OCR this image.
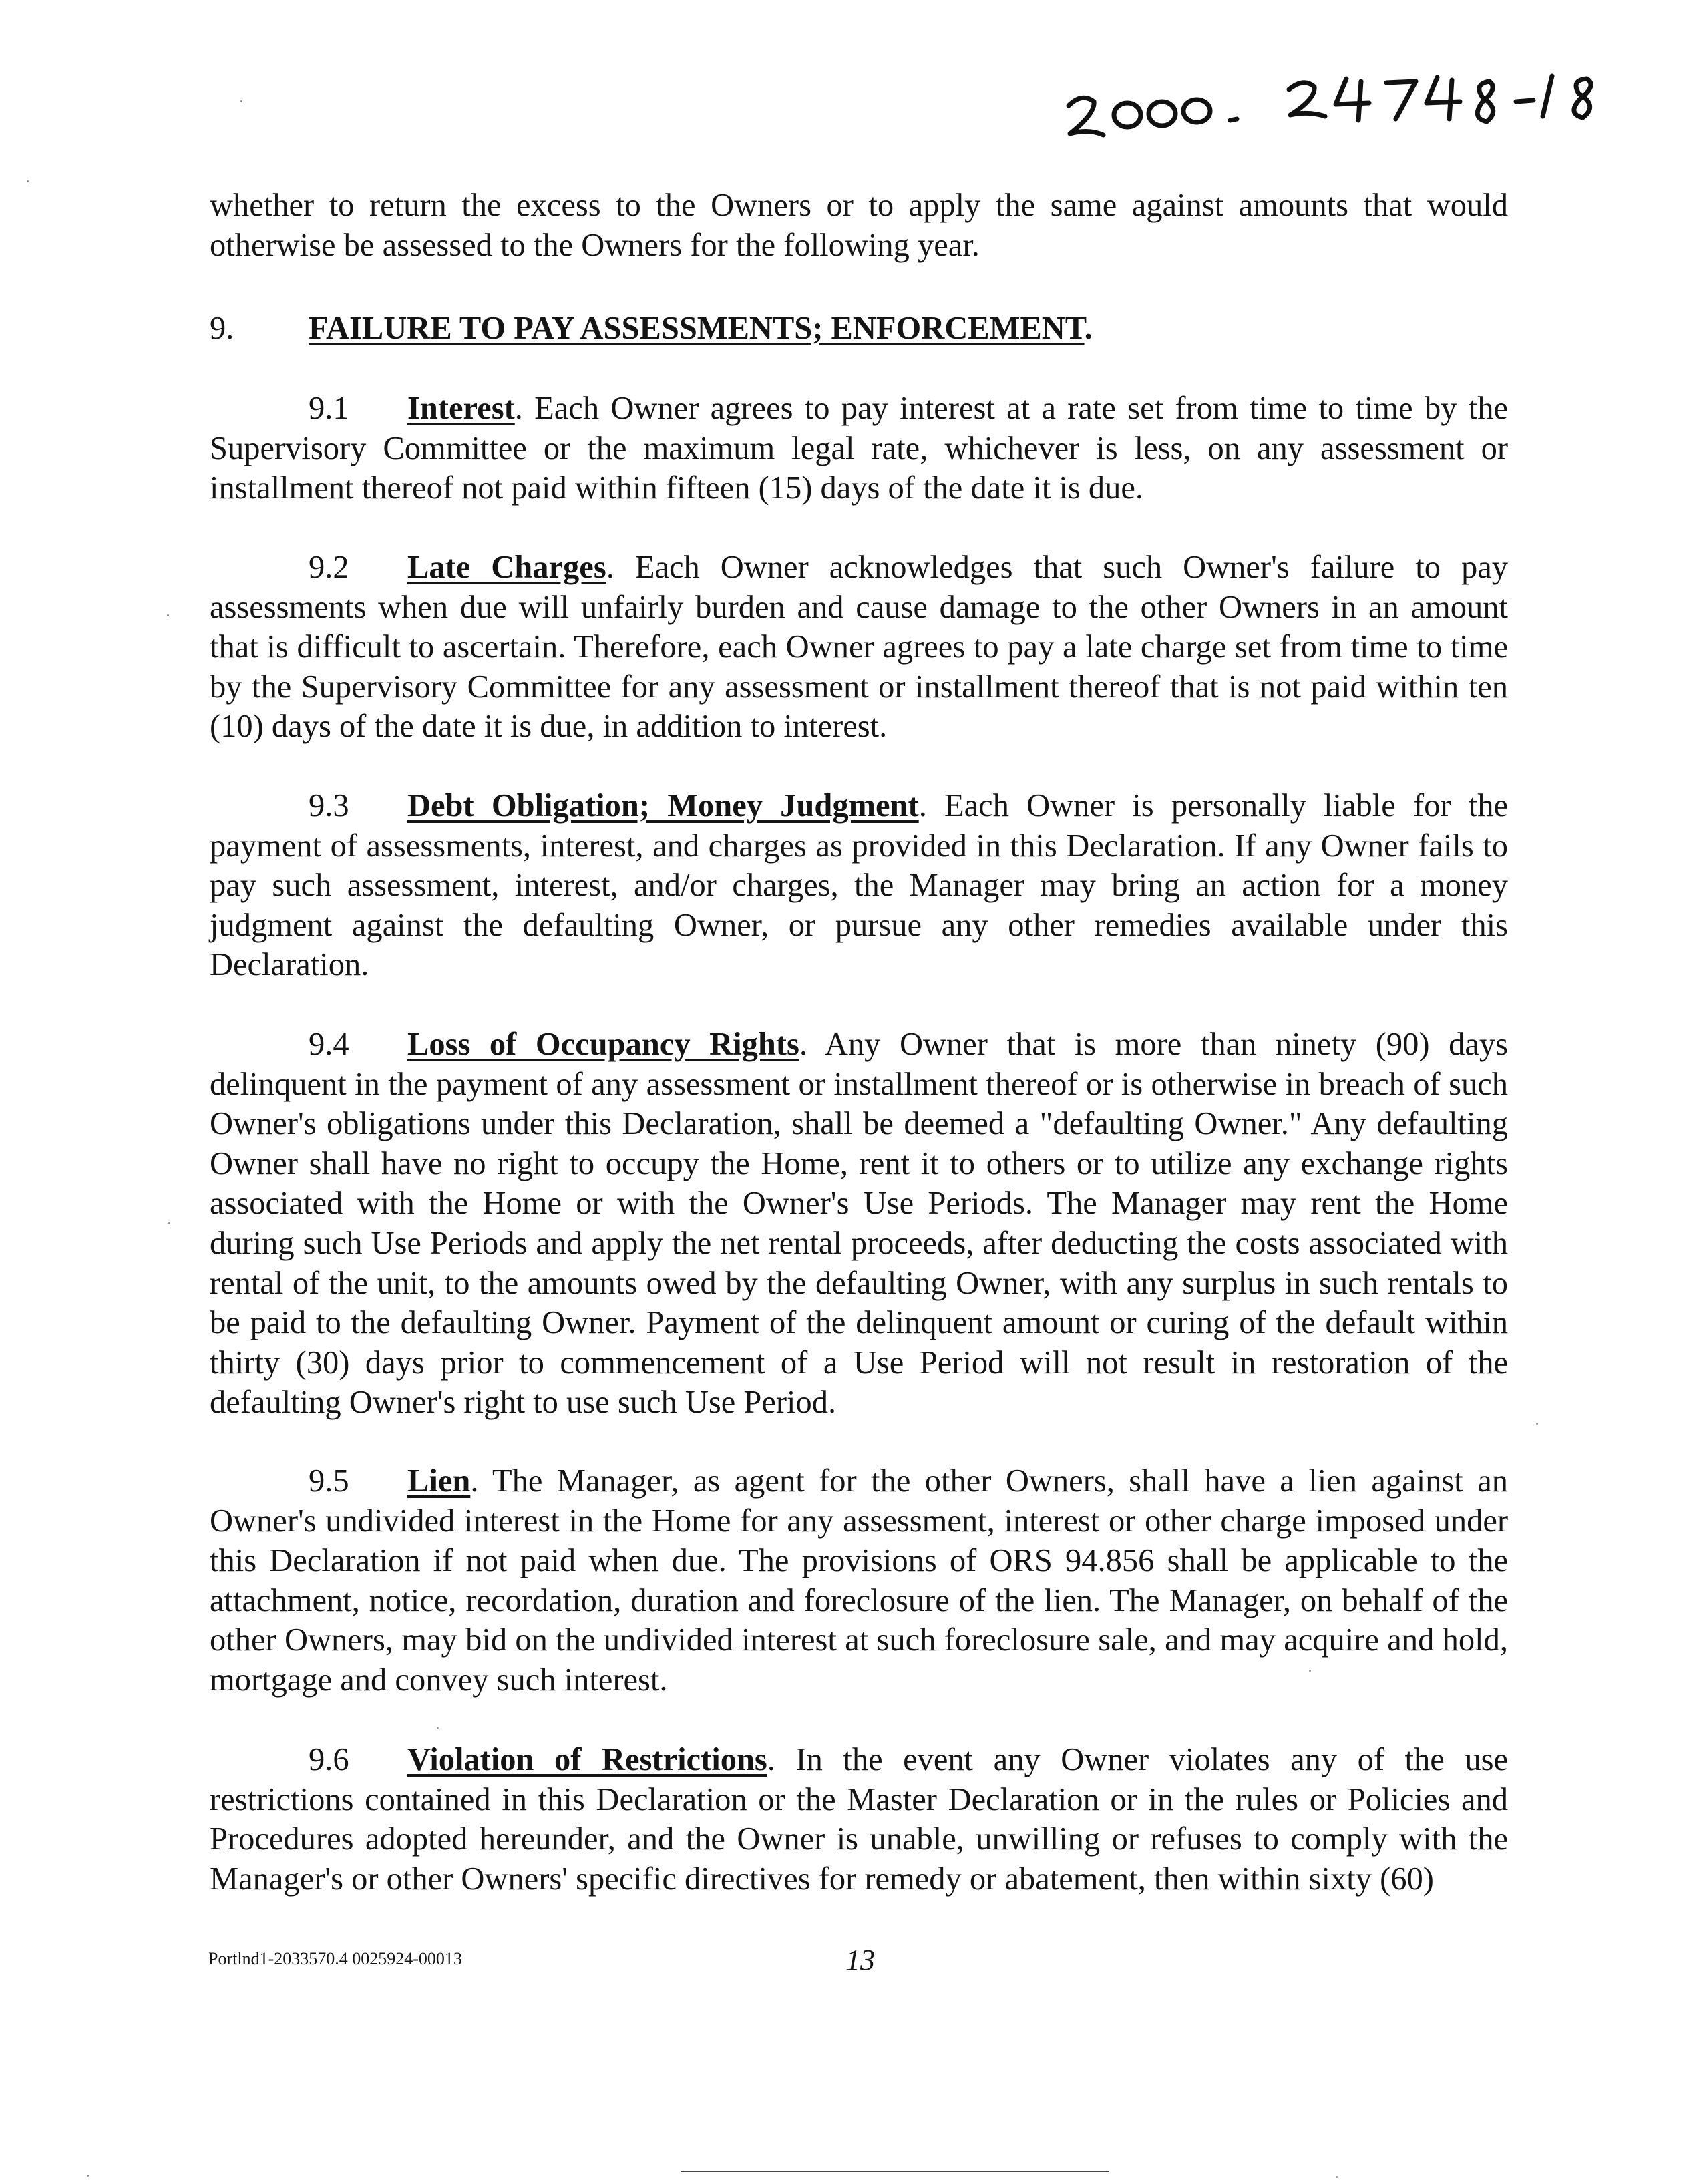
whether to return the excess to the Owners or to apply the same against amounts that would otherwise be assessed to the Owners for the following year.

9. FAILURE TO PAY ASSESSMENTS; ENFORCEMENT.

9.1 Interest. Each Owner agrees to pay interest at a rate set from time to time by the Supervisory Committee or the maximum legal rate, whichever is less, on any assessment or installment thereof not paid within fifteen (15) days of the date it is due.

9.2 Late Charges. Each Owner acknowledges that such Owner's failure to pay assessments when due will unfairly burden and cause damage to the other Owners in an amount that is difficult to ascertain. Therefore, each Owner agrees to pay a late charge set from time to time by the Supervisory Committee for any assessment or installment thereof that is not paid within ten (10) days of the date it is due, in addition to interest.

9.3 Debt Obligation; Money Judgment. Each Owner is personally liable for the payment of assessments, interest, and charges as provided in this Declaration. If any Owner fails to pay such assessment, interest, and/or charges, the Manager may bring an action for a money judgment against the defaulting Owner, or pursue any other remedies available under this Declaration.

9.4 Loss of Occupancy Rights. Any Owner that is more than ninety (90) days delinquent in the payment of any assessment or installment thereof or is otherwise in breach of such Owner's obligations under this Declaration, shall be deemed a "defaulting Owner." Any defaulting Owner shall have no right to occupy the Home, rent it to others or to utilize any exchange rights associated with the Home or with the Owner's Use Periods. The Manager may rent the Home during such Use Periods and apply the net rental proceeds, after deducting the costs associated with rental of the unit, to the amounts owed by the defaulting Owner, with any surplus in such rentals to be paid to the defaulting Owner. Payment of the delinquent amount or curing of the default within thirty (30) days prior to commencement of a Use Period will not result in restoration of the defaulting Owner's right to use such Use Period.

9.5 Lien. The Manager, as agent for the other Owners, shall have a lien against an Owner's undivided interest in the Home for any assessment, interest or other charge imposed under this Declaration if not paid when due. The provisions of ORS 94.856 shall be applicable to the attachment, notice, recordation, duration and foreclosure of the lien. The Manager, on behalf of the other Owners, may bid on the undivided interest at such foreclosure sale, and may acquire and hold, mortgage and convey such interest.

9.6 Violation of Restrictions. In the event any Owner violates any of the use restrictions contained in this Declaration or the Master Declaration or in the rules or Policies and Procedures adopted hereunder, and the Owner is unable, unwilling or refuses to comply with the Manager's or other Owners' specific directives for remedy or abatement, then within sixty (60)

Portlnd1-2033570.4 0025924-00013	13
